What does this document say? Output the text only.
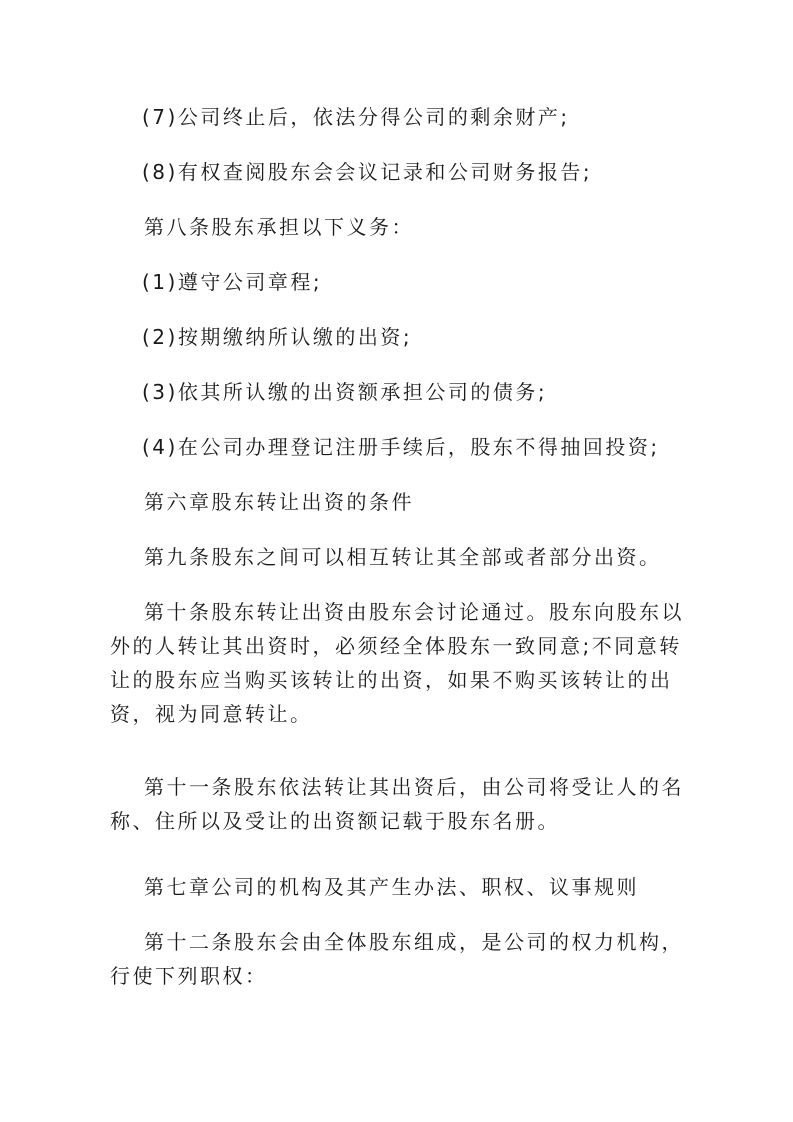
(7)公司终止后，依法分得公司的剩余财产;

(8)有权查阅股东会会议记录和公司财务报告;

第八条股东承担以下义务：

(1)遵守公司章程;

(2)按期缴纳所认缴的出资;

(3)依其所认缴的出资额承担公司的债务;

(4)在公司办理登记注册手续后，股东不得抽回投资;

第六章股东转让出资的条件

第九条股东之间可以相互转让其全部或者部分出资。

第十条股东转让出资由股东会讨论通过。股东向股东以外的人转让其出资时，必须经全体股东一致同意;不同意转让的股东应当购买该转让的出资，如果不购买该转让的出资，视为同意转让。

第十一条股东依法转让其出资后，由公司将受让人的名称、住所以及受让的出资额记载于股东名册。

第七章公司的机构及其产生办法、职权、议事规则

第十二条股东会由全体股东组成，是公司的权力机构，行使下列职权：
